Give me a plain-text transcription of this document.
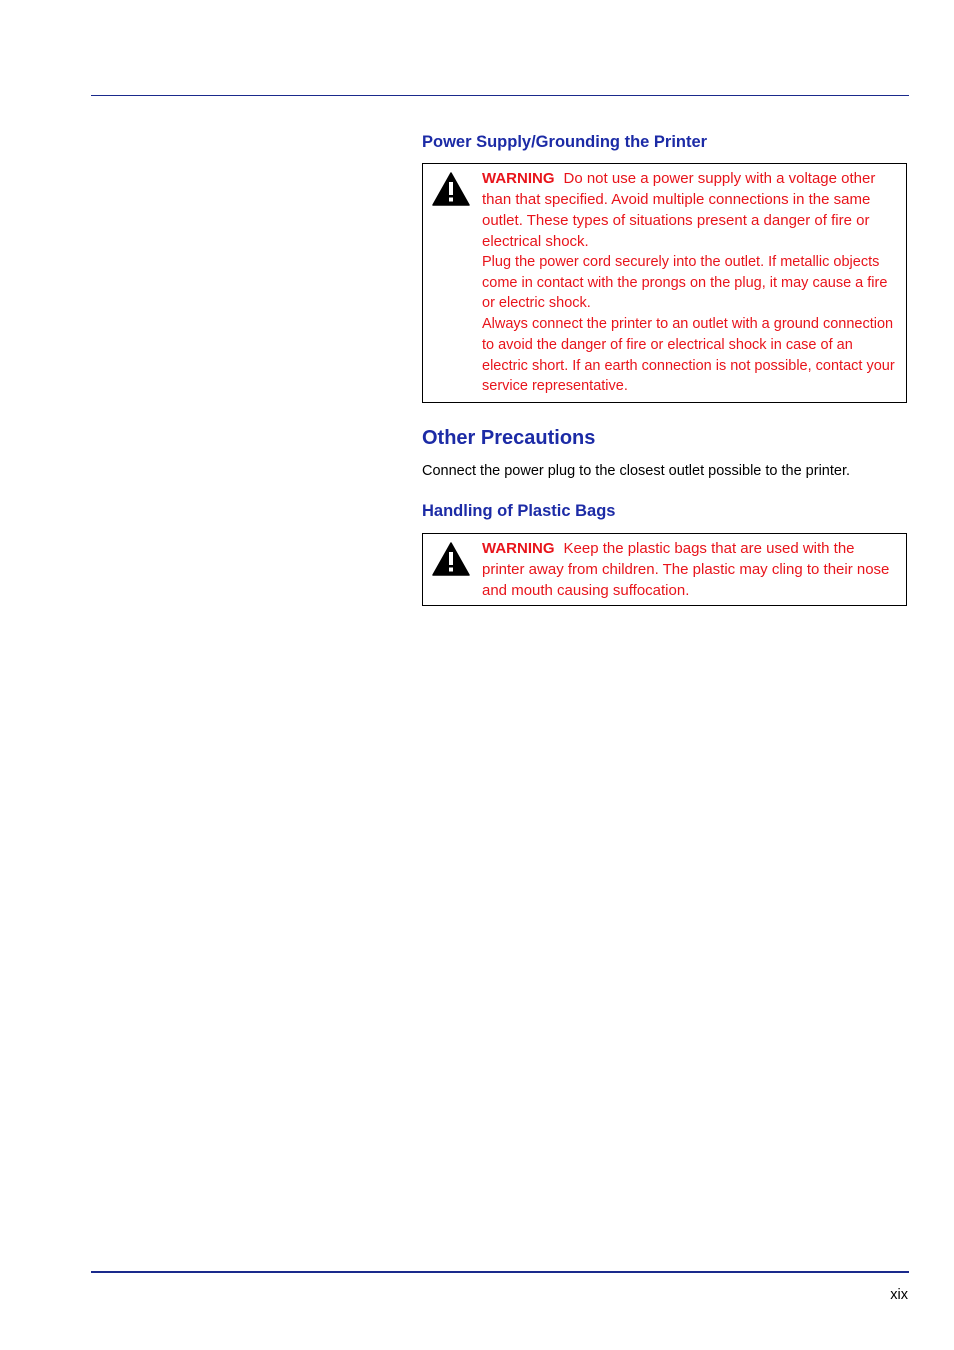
Power Supply/Grounding the Printer

WARNING Do not use a power supply with a voltage other than that specified. Avoid multiple connections in the same outlet. These types of situations present a danger of fire or electrical shock.

Plug the power cord securely into the outlet. If metallic objects come in contact with the prongs on the plug, it may cause a fire or electric shock.

Always connect the printer to an outlet with a ground connection to avoid the danger of fire or electrical shock in case of an electric short. If an earth connection is not possible, contact your service representative.

Other Precautions

Connect the power plug to the closest outlet possible to the printer.

Handling of Plastic Bags

WARNING Keep the plastic bags that are used with the printer away from children. The plastic may cling to their nose and mouth causing suffocation.

xix
